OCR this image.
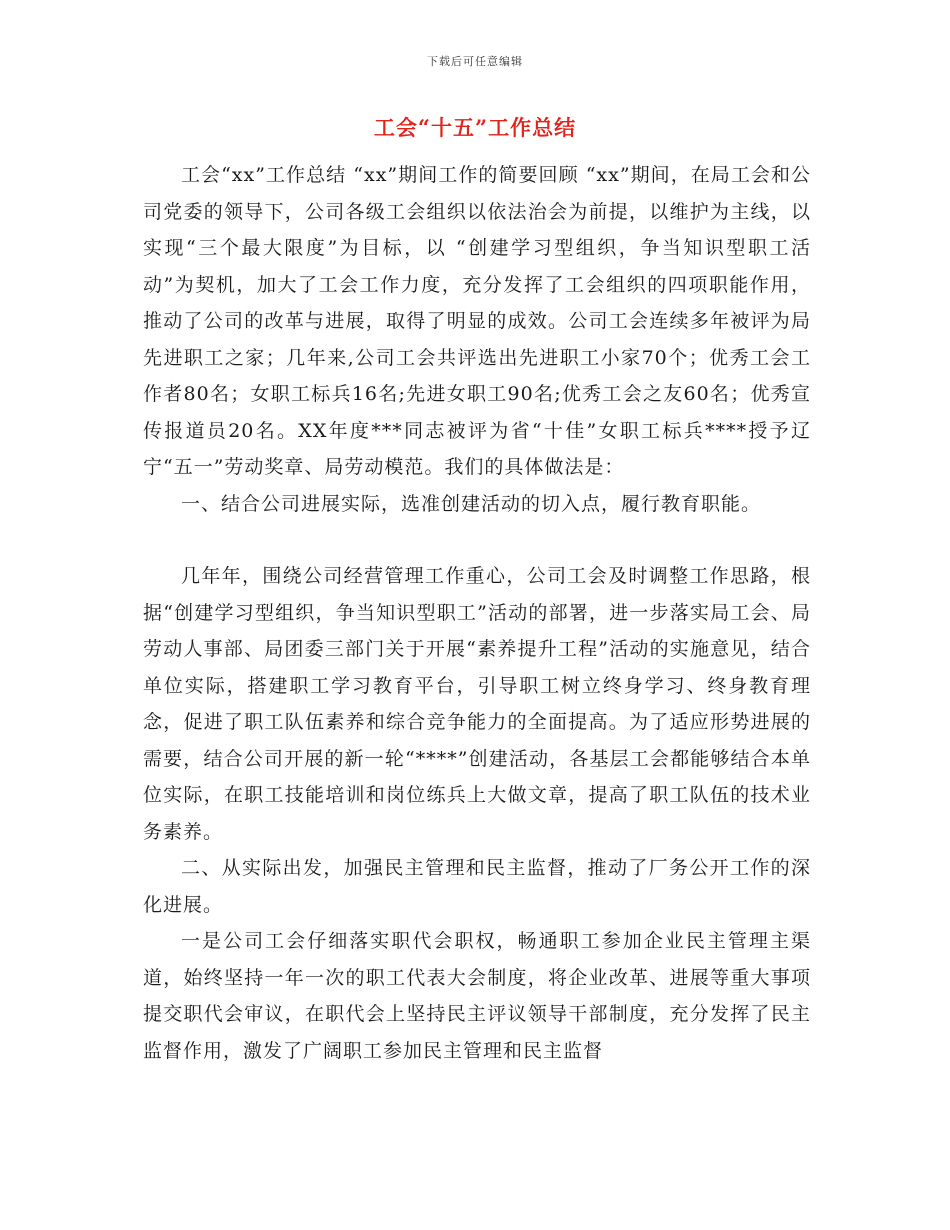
下载后可任意编辑
工会“十五”工作总结

工会“xx”工作总结 “xx”期间工作的简要回顾 “xx”期间，在局工会和公司党委的领导下，公司各级工会组织以依法治会为前提，以维护为主线，以实现“三个最大限度”为目标，以 “创建学习型组织，争当知识型职工活动”为契机，加大了工会工作力度，充分发挥了工会组织的四项职能作用，推动了公司的改革与进展，取得了明显的成效。公司工会连续多年被评为局先进职工之家；几年来,公司工会共评选出先进职工小家70个；优秀工会工作者80名；女职工标兵16名;先进女职工90名;优秀工会之友60名；优秀宣传报道员20名。XX年度***同志被评为省“十佳”女职工标兵****授予辽宁“五一”劳动奖章、局劳动模范。我们的具体做法是：

一、结合公司进展实际，选准创建活动的切入点，履行教育职能。

几年年，围绕公司经营管理工作重心，公司工会及时调整工作思路，根据“创建学习型组织，争当知识型职工”活动的部署，进一步落实局工会、局劳动人事部、局团委三部门关于开展“素养提升工程”活动的实施意见，结合单位实际，搭建职工学习教育平台，引导职工树立终身学习、终身教育理念，促进了职工队伍素养和综合竞争能力的全面提高。为了适应形势进展的需要，结合公司开展的新一轮“****”创建活动，各基层工会都能够结合本单位实际，在职工技能培训和岗位练兵上大做文章，提高了职工队伍的技术业务素养。

二、从实际出发，加强民主管理和民主监督，推动了厂务公开工作的深化进展。

一是公司工会仔细落实职代会职权，畅通职工参加企业民主管理主渠道，始终坚持一年一次的职工代表大会制度，将企业改革、进展等重大事项提交职代会审议，在职代会上坚持民主评议领导干部制度，充分发挥了民主监督作用，激发了广阔职工参加民主管理和民主监督
